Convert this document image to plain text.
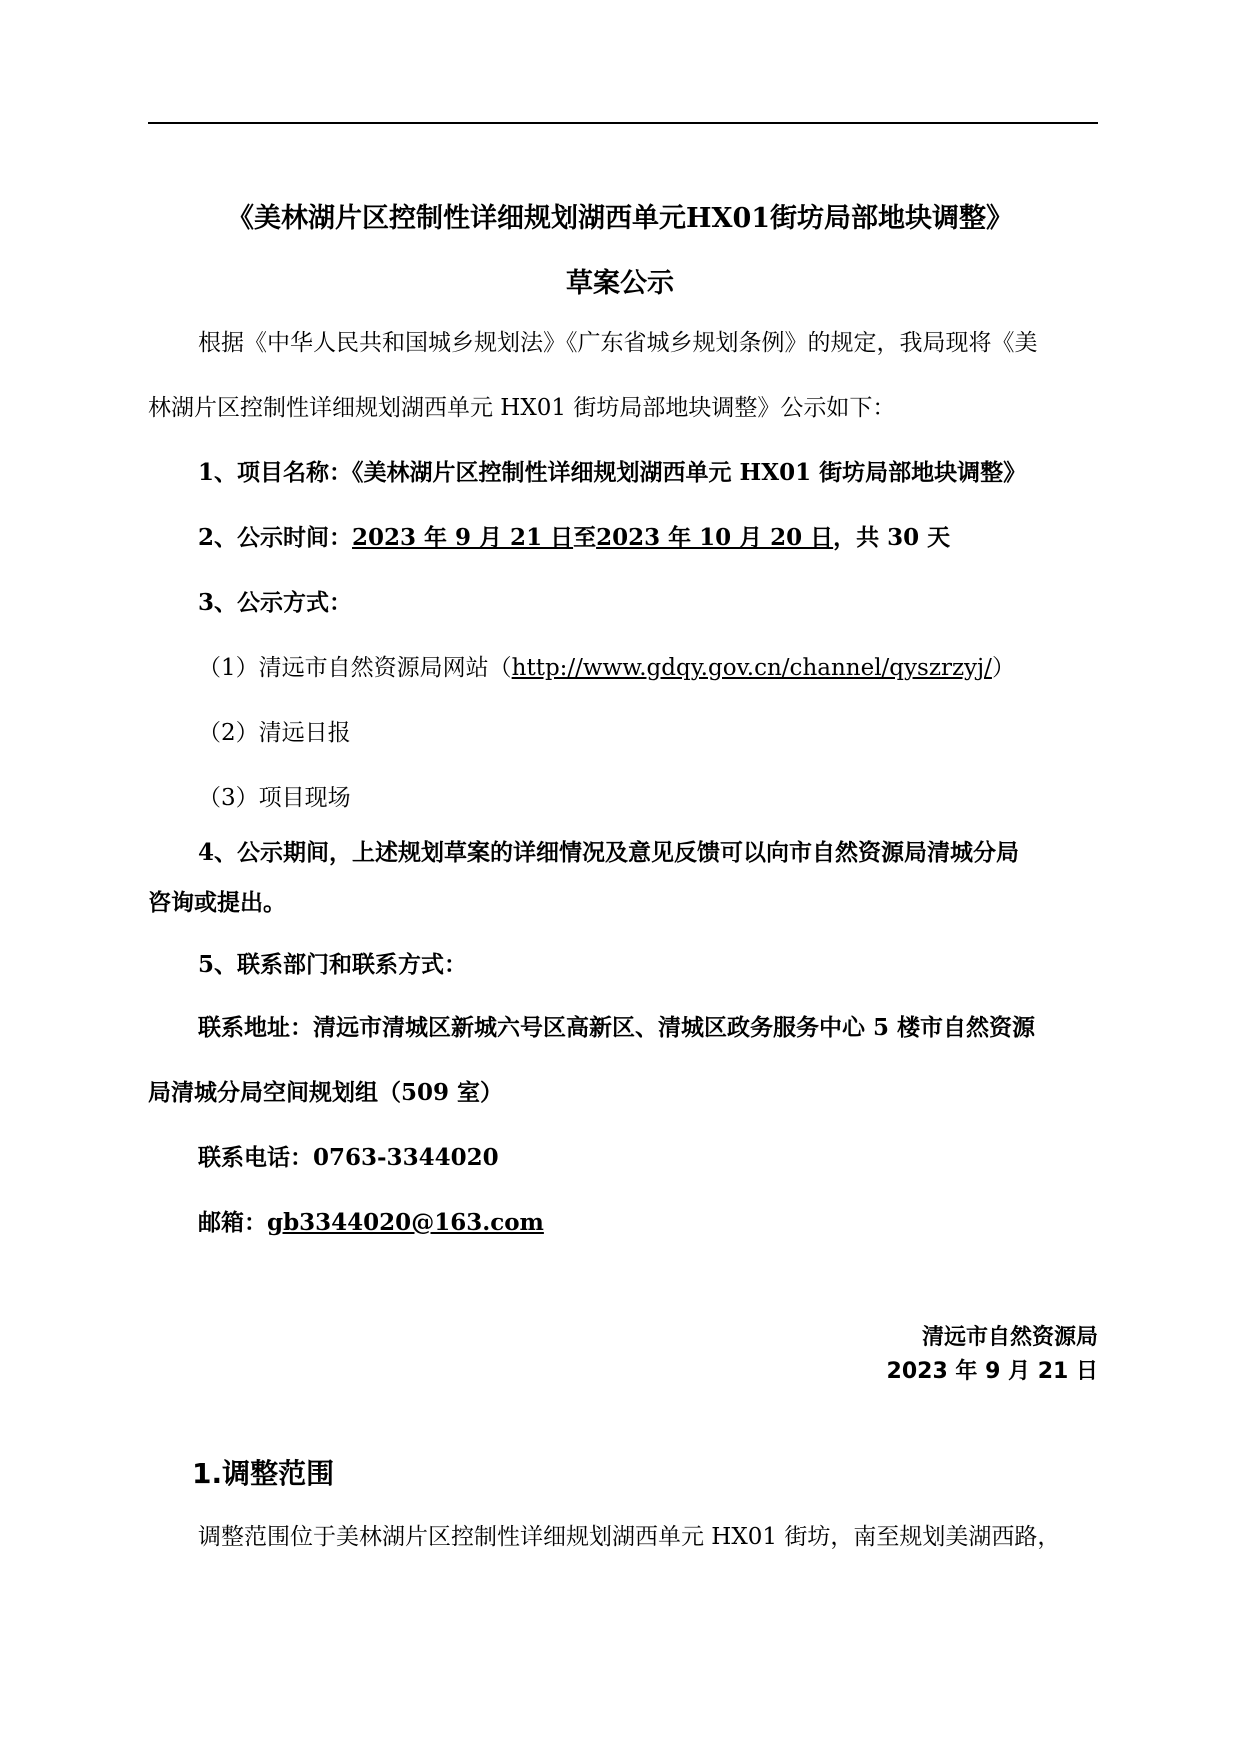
《美林湖片区控制性详细规划湖西单元HX01街坊局部地块调整》
草案公示
根据《中华人民共和国城乡规划法》《广东省城乡规划条例》的规定，我局现将《美
林湖片区控制性详细规划湖西单元 HX01 街坊局部地块调整》公示如下：
1、项目名称：《美林湖片区控制性详细规划湖西单元 HX01 街坊局部地块调整》
2、公示时间：2023 年 9 月 21 日至2023 年 10 月 20 日，共 30 天
3、公示方式：
（1）清远市自然资源局网站（http://www.gdqy.gov.cn/channel/qyszrzyj/）
（2）清远日报
（3）项目现场
4、公示期间，上述规划草案的详细情况及意见反馈可以向市自然资源局清城分局
咨询或提出。
5、联系部门和联系方式：
联系地址：清远市清城区新城六号区高新区、清城区政务服务中心 5 楼市自然资源
局清城分局空间规划组（509 室）
联系电话：0763-3344020
邮箱：gb3344020@163.com
清远市自然资源局
2023 年 9 月 21 日
1.调整范围
调整范围位于美林湖片区控制性详细规划湖西单元 HX01 街坊，南至规划美湖西路，
